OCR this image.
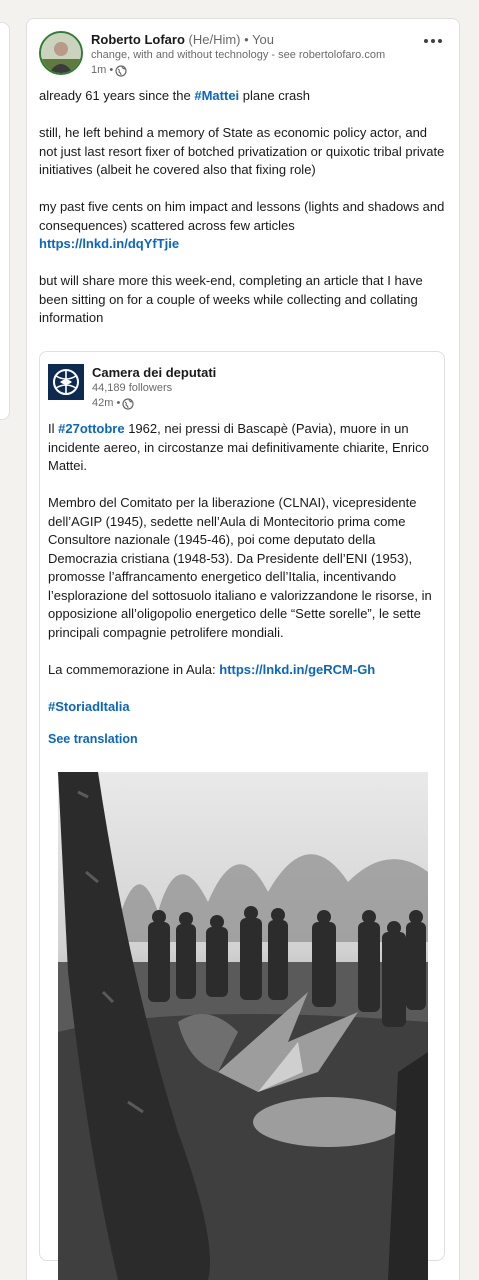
Roberto Lofaro (He/Him) • You
change, with and without technology - see robertolofaro.com
1m •

already 61 years since the #Mattei plane crash

still, he left behind a memory of State as economic policy actor, and not just last resort fixer of botched privatization or quixotic tribal private initiatives (albeit he covered also that fixing role)

my past five cents on him impact and lessons (lights and shadows and consequences) scattered across few articles
https://lnkd.in/dqYfTjie

but will share more this week-end, completing an article that I have been sitting on for a couple of weeks while collecting and collating information

Camera dei deputati
44,189 followers
42m •

Il #27ottobre 1962, nei pressi di Bascapè (Pavia), muore in un incidente aereo, in circostanze mai definitivamente chiarite, Enrico Mattei.

Membro del Comitato per la liberazione (CLNAI), vicepresidente dell’AGIP (1945), sedette nell’Aula di Montecitorio prima come Consultore nazionale (1945-46), poi come deputato della Democrazia cristiana (1948-53). Da Presidente dell’ENI (1953), promosse l’affrancamento energetico dell’Italia, incentivando l’esplorazione del sottosuolo italiano e valorizzandone le risorse, in opposizione all’oligopolio energetico delle “Sette sorelle”, le sette principali compagnie petrolifere mondiali.

La commemorazione in Aula: https://lnkd.in/geRCM-Gh

#StoriadItalia

See translation
